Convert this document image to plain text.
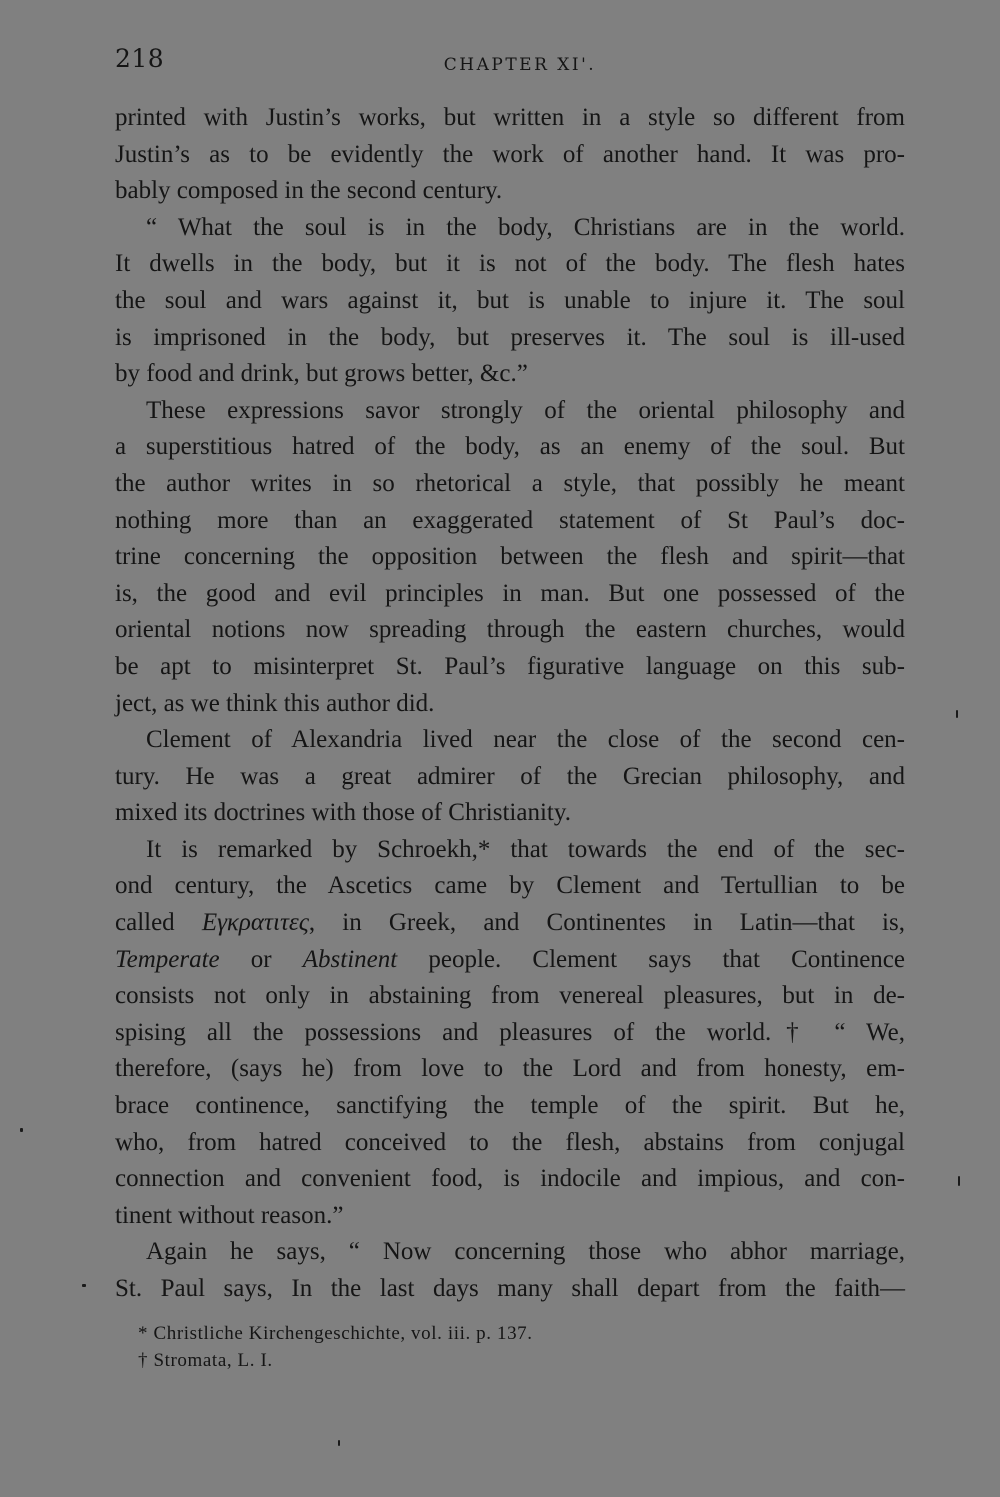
218	CHAPTER XI​'.
printed with Justin’s works, but written in a style so different from
Justin’s as to be evidently the work of another hand. It was pro-
bably composed in the second century.
“ What the soul is in the body, Christians are in the world.
It dwells in the body, but it is not of the body. The flesh hates
the soul and wars against it, but is unable to injure it. The soul
is imprisoned in the body, but preserves it. The soul is ill-used
by food and drink, but grows better, &c.”
These expressions savor strongly of the oriental philosophy and
a superstitious hatred of the body, as an enemy of the soul. But
the author writes in so rhetorical a style, that possibly he meant
nothing more than an exaggerated statement of St Paul’s doc-
trine concerning the opposition between the flesh and spirit—that
is, the good and evil principles in man. But one possessed of the
oriental notions now spreading through the eastern churches, would
be apt to misinterpret St. Paul’s figurative language on this sub-
ject, as we think this author did.
Clement of Alexandria lived near the close of the second cen-
tury. He was a great admirer of the Grecian philosophy, and
mixed its doctrines with those of Christianity.
It is remarked by Schroekh,* that towards the end of the sec-
ond century, the Ascetics came by Clement and Tertullian to be
called Εγκρατιτες, in Greek, and Continentes in Latin—that is,
Temperate or Abstinent people. Clement says that Continence
consists not only in abstaining from venereal pleasures, but in de-
spising all the possessions and pleasures of the world.† “ We,
therefore, (says he) from love to the Lord and from honesty, em-
brace continence, sanctifying the temple of the spirit. But he,
who, from hatred conceived to the flesh, abstains from conjugal
connection and convenient food, is indocile and impious, and con-
tinent without reason.”
Again he says, “ Now concerning those who abhor marriage,
St. Paul says, In the last days many shall depart from the faith—
* Christliche Kirchengeschichte, vol. iii. p. 137.
† Stromata, L. I.
